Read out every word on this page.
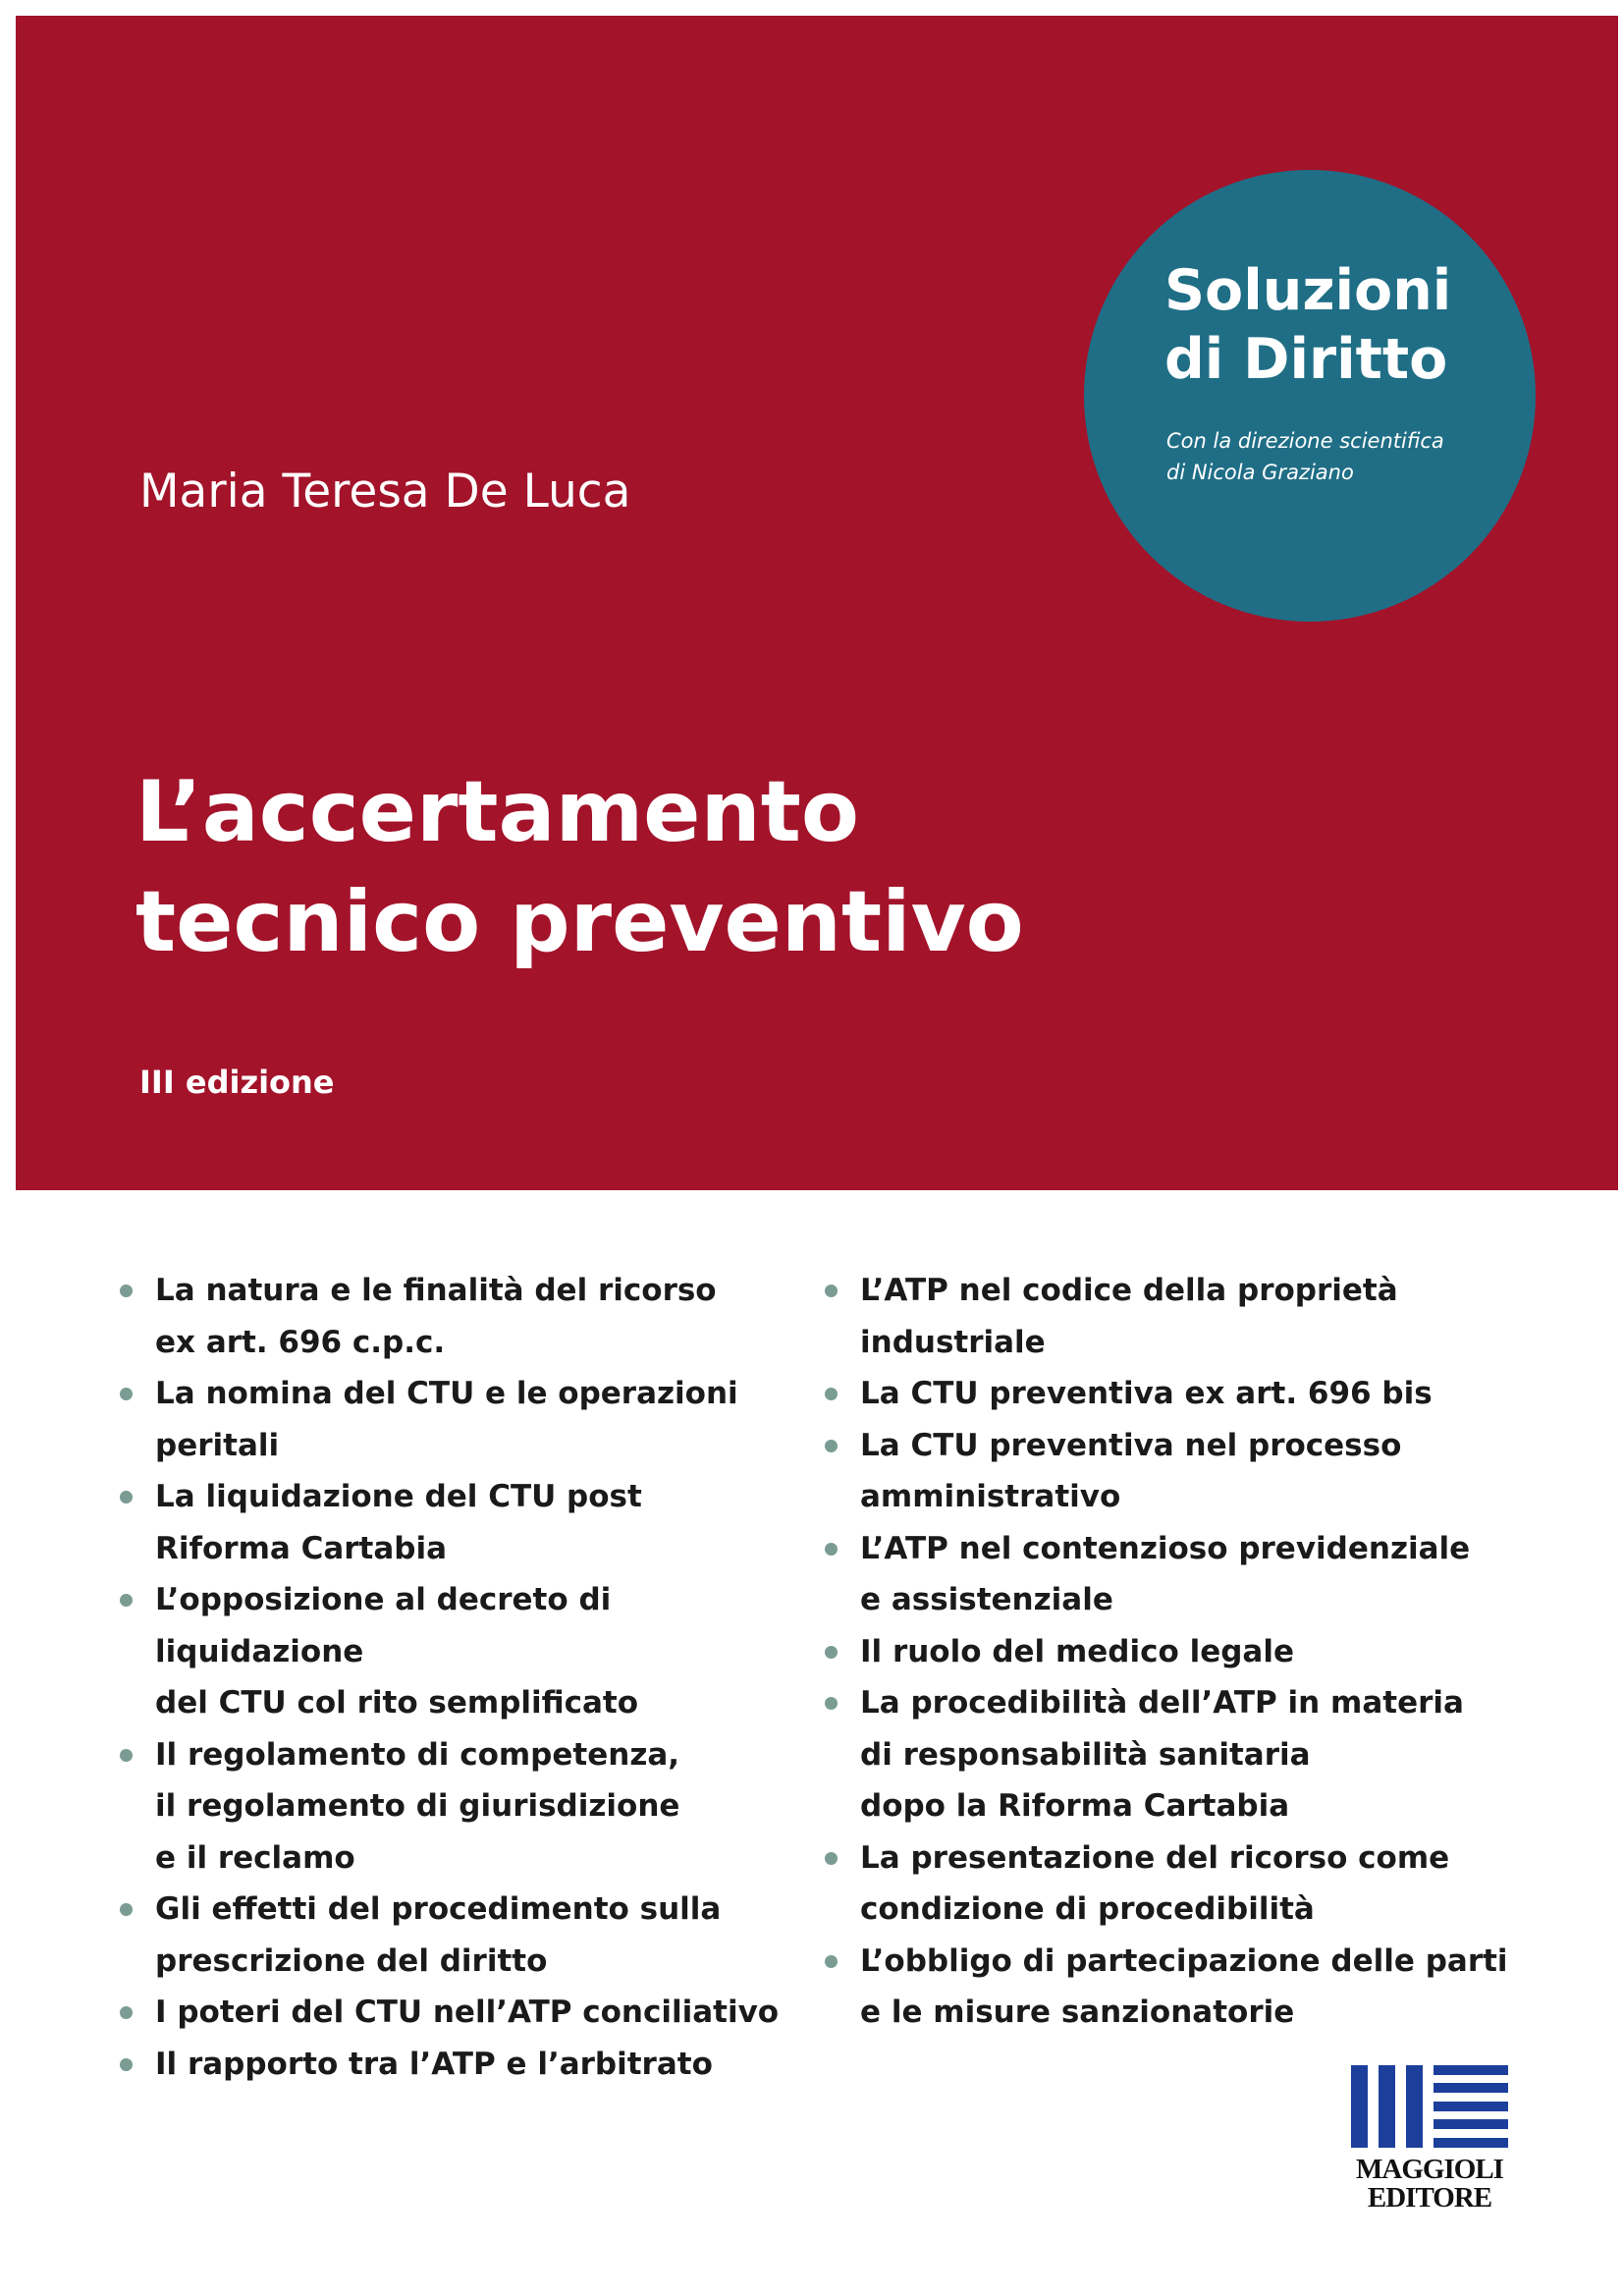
Soluzioni
di Diritto
Con la direzione scientifica
di Nicola Graziano
Maria Teresa De Luca
L’accertamento
tecnico preventivo
III edizione
La natura e le finalità del ricorso
ex art. 696 c.p.c.
La nomina del CTU e le operazioni
peritali
La liquidazione del CTU post
Riforma Cartabia
L’opposizione al decreto di liquidazione
del CTU col rito semplificato
Il regolamento di competenza,
il regolamento di giurisdizione
e il reclamo
Gli effetti del procedimento sulla
prescrizione del diritto
I poteri del CTU nell’ATP conciliativo
Il rapporto tra l’ATP e l’arbitrato
L’ATP nel codice della proprietà
industriale
La CTU preventiva ex art. 696 bis
La CTU preventiva nel processo
amministrativo
L’ATP nel contenzioso previdenziale
e assistenziale
Il ruolo del medico legale
La procedibilità dell’ATP in materia
di responsabilità sanitaria
dopo la Riforma Cartabia
La presentazione del ricorso come
condizione di procedibilità
L’obbligo di partecipazione delle parti
e le misure sanzionatorie
MAGGIOLI
EDITORE
